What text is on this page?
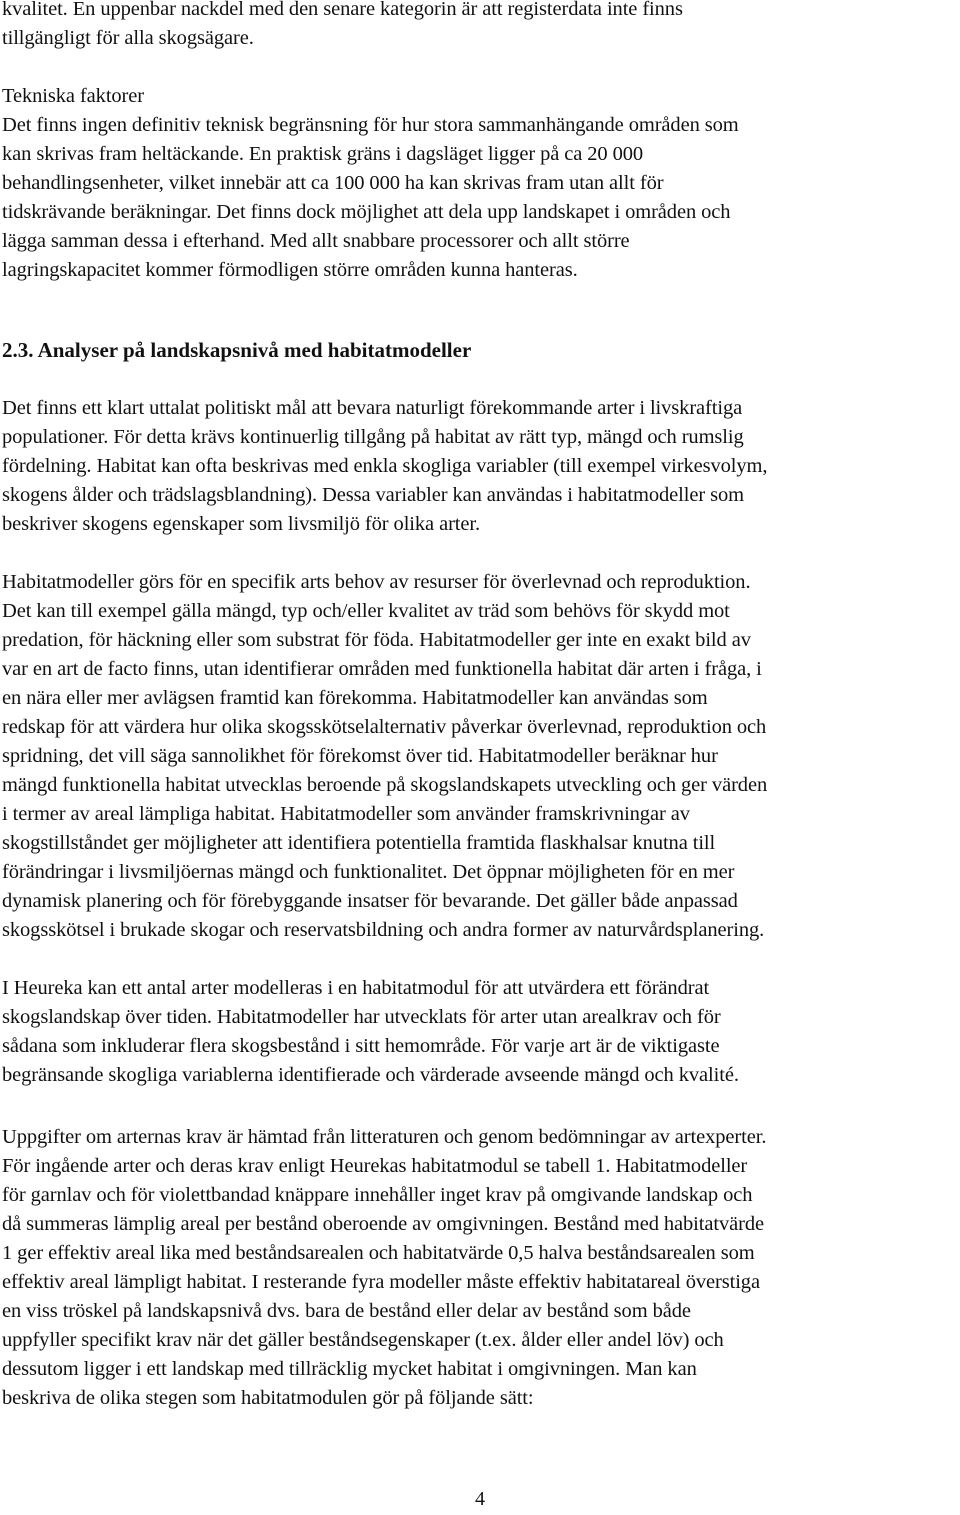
kvalitet. En uppenbar nackdel med den senare kategorin är att registerdata inte finns
tillgängligt för alla skogsägare.

Tekniska faktorer
Det finns ingen definitiv teknisk begränsning för hur stora sammanhängande områden som
kan skrivas fram heltäckande. En praktisk gräns i dagsläget ligger på ca 20 000
behandlingsenheter, vilket innebär att ca 100 000 ha kan skrivas fram utan allt för
tidskrävande beräkningar. Det finns dock möjlighet att dela upp landskapet i områden och
lägga samman dessa i efterhand. Med allt snabbare processorer och allt större
lagringskapacitet kommer förmodligen större områden kunna hanteras.

2.3. Analyser på landskapsnivå med habitatmodeller

Det finns ett klart uttalat politiskt mål att bevara naturligt förekommande arter i livskraftiga
populationer. För detta krävs kontinuerlig tillgång på habitat av rätt typ, mängd och rumslig
fördelning. Habitat kan ofta beskrivas med enkla skogliga variabler (till exempel virkesvolym,
skogens ålder och trädslagsblandning). Dessa variabler kan användas i habitatmodeller som
beskriver skogens egenskaper som livsmiljö för olika arter.

Habitatmodeller görs för en specifik arts behov av resurser för överlevnad och reproduktion.
Det kan till exempel gälla mängd, typ och/eller kvalitet av träd som behövs för skydd mot
predation, för häckning eller som substrat för föda. Habitatmodeller ger inte en exakt bild av
var en art de facto finns, utan identifierar områden med funktionella habitat där arten i fråga, i
en nära eller mer avlägsen framtid kan förekomma. Habitatmodeller kan användas som
redskap för att värdera hur olika skogsskötselalternativ påverkar överlevnad, reproduktion och
spridning, det vill säga sannolikhet för förekomst över tid. Habitatmodeller beräknar hur
mängd funktionella habitat utvecklas beroende på skogslandskapets utveckling och ger värden
i termer av areal lämpliga habitat. Habitatmodeller som använder framskrivningar av
skogstillståndet ger möjligheter att identifiera potentiella framtida flaskhalsar knutna till
förändringar i livsmiljöernas mängd och funktionalitet. Det öppnar möjligheten för en mer
dynamisk planering och för förebyggande insatser för bevarande. Det gäller både anpassad
skogsskötsel i brukade skogar och reservatsbildning och andra former av naturvårdsplanering.

I Heureka kan ett antal arter modelleras i en habitatmodul för att utvärdera ett förändrat
skogslandskap över tiden. Habitatmodeller har utvecklats för arter utan arealkrav och för
sådana som inkluderar flera skogsbestånd i sitt hemområde. För varje art är de viktigaste
begränsande skogliga variablerna identifierade och värderade avseende mängd och kvalité.

Uppgifter om arternas krav är hämtad från litteraturen och genom bedömningar av artexperter.
För ingående arter och deras krav enligt Heurekas habitatmodul se tabell 1. Habitatmodeller
för garnlav och för violettbandad knäppare innehåller inget krav på omgivande landskap och
då summeras lämplig areal per bestånd oberoende av omgivningen. Bestånd med habitatvärde
1 ger effektiv areal lika med beståndsarealen och habitatvärde 0,5 halva beståndsarealen som
effektiv areal lämpligt habitat. I resterande fyra modeller måste effektiv habitatareal överstiga
en viss tröskel på landskapsnivå dvs. bara de bestånd eller delar av bestånd som både
uppfyller specifikt krav när det gäller beståndsegenskaper (t.ex. ålder eller andel löv) och
dessutom ligger i ett landskap med tillräcklig mycket habitat i omgivningen. Man kan
beskriva de olika stegen som habitatmodulen gör på följande sätt:

4
